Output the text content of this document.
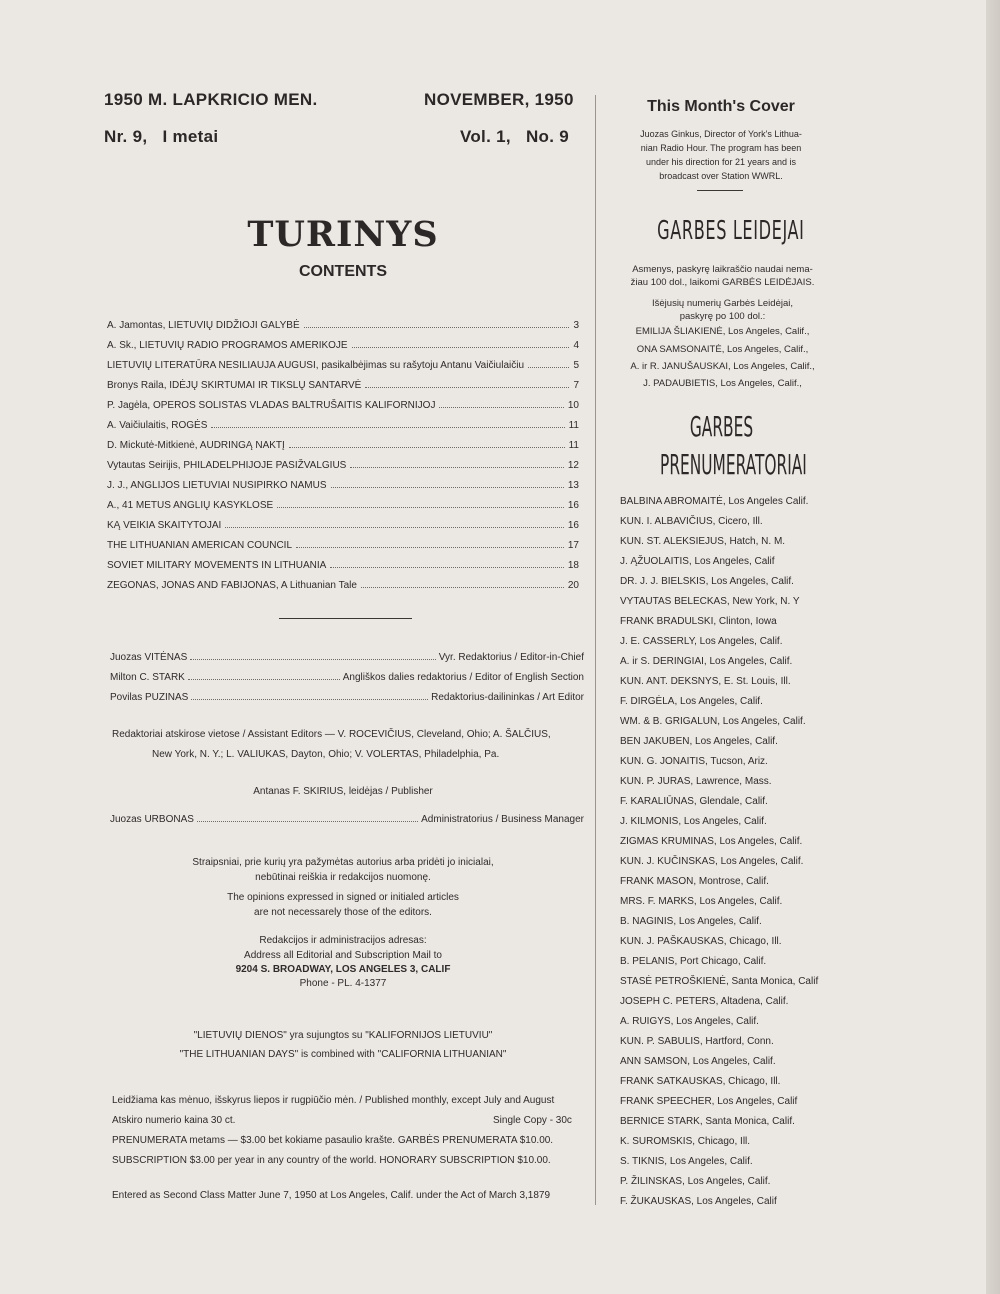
1950 M. LAPKRICIO MEN.	NOVEMBER, 1950
Nr. 9,   I metai	Vol. 1,   No. 9
TURINYS
CONTENTS
A. Jamontas, LIETUVIŲ DIDŽIOJI GALYBĖ	3
A. Sk., LIETUVIŲ RADIO PROGRAMOS AMERIKOJE	4
LIETUVIŲ LITERATŪRA NESILIAUJA AUGUSI, pasikalbėjimas su rašytoju Antanu Vaičiulaičiu	5
Bronys Raila, IDĖJŲ SKIRTUMAI IR TIKSLŲ SANTARVĖ	7
P. Jagėla, OPEROS SOLISTAS VLADAS BALTRUŠAITIS KALIFORNIJOJ	10
A. Vaičiulaitis, ROGĖS	11
D. Mickutė-Mitkienė, AUDRINGĄ NAKTĮ	11
Vytautas Seirijis, PHILADELPHIJOJE PASIŽVALGIUS	12
J. J., ANGLIJOS LIETUVIAI NUSIPIRKO NAMUS	13
A., 41 METUS ANGLIŲ KASYKLOSE	16
KĄ VEIKIA SKAITYTOJAI	16
THE LITHUANIAN AMERICAN COUNCIL	17
SOVIET MILITARY MOVEMENTS IN LITHUANIA	18
ZEGONAS, JONAS AND FABIJONAS, A Lithuanian Tale	20
Juozas VITĖNAS	Vyr. Redaktorius / Editor-in-Chief
Milton C. STARK	Angliškos dalies redaktorius / Editor of English Section
Povilas PUZINAS	Redaktorius-dailininkas / Art Editor
Redaktoriai atskirose vietose / Assistant Editors — V. ROCEVIČIUS, Cleveland, Ohio; A. ŠALČIUS,
New York, N. Y.; L. VALIUKAS, Dayton, Ohio; V. VOLERTAS, Philadelphia, Pa.
Antanas F. SKIRIUS, leidėjas / Publisher
Juozas URBONAS	Administratorius / Business Manager
Straipsniai, prie kurių yra pažymėtas autorius arba pridėti jo inicialai,
nebūtinai reiškia ir redakcijos nuomonę.
The opinions expressed in signed or initialed articles
are not necessarely those of the editors.
Redakcijos ir administracijos adresas:
Address all Editorial and Subscription Mail to
9204 S. BROADWAY, LOS ANGELES 3, CALIF
Phone - PL. 4-1377
"LIETUVIŲ DIENOS" yra sujungtos su "KALIFORNIJOS LIETUVIU"
"THE LITHUANIAN DAYS" is combined with "CALIFORNIA LITHUANIAN"
Leidžiama kas mėnuo, išskyrus liepos ir rugpiūčio mėn. / Published monthly, except July and August
Atskiro numerio kaina 30 ct.	Single Copy - 30c
PRENUMERATA metams — $3.00 bet kokiame pasaulio krašte. GARBĖS PRENUMERATA $10.00.
SUBSCRIPTION $3.00 per year in any country of the world. HONORARY SUBSCRIPTION $10.00.
Entered as Second Class Matter June 7, 1950 at Los Angeles, Calif. under the Act of March 3,1879
This Month's Cover
Juozas Ginkus, Director of York's Lithua-
nian Radio Hour. The program has been
under his direction for 21 years and is
broadcast over Station WWRL.
GARBES LEIDEJAI
Asmenys, paskyrę laikraščio naudai nema-
žiau 100 dol., laikomi GARBĖS LEIDĖJAIS.
Išėjusių numerių Garbės Leidėjai,
paskyrę po 100 dol.:
EMILIJA ŠLIAKIENĖ, Los Angeles, Calif.,
ONA SAMSONAITĖ, Los Angeles, Calif.,
A. ir R. JANUŠAUSKAI, Los Angeles, Calif.,
J. PADAUBIETIS, Los Angeles, Calif.,
GARBES
PRENUMERATORIAI
BALBINA ABROMAITĖ, Los Angeles Calif.
KUN. I. ALBAVIČIUS, Cicero, Ill.
KUN. ST. ALEKSIEJUS, Hatch, N. M.
J. ĄŽUOLAITIS, Los Angeles, Calif
DR. J. J. BIELSKIS, Los Angeles, Calif.
VYTAUTAS BELECKAS, New York, N. Y
FRANK BRADULSKI, Clinton, Iowa
J. E. CASSERLY, Los Angeles, Calif.
A. ir S. DERINGIAI, Los Angeles, Calif.
KUN. ANT. DEKSNYS, E. St. Louis, Ill.
F. DIRGĖLA, Los Angeles, Calif.
WM. & B. GRIGALUN, Los Angeles, Calif.
BEN JAKUBEN, Los Angeles, Calif.
KUN. G. JONAITIS, Tucson, Ariz.
KUN. P. JURAS, Lawrence, Mass.
F. KARALIŪNAS, Glendale, Calif.
J. KILMONIS, Los Angeles, Calif.
ZIGMAS KRUMINAS, Los Angeles, Calif.
KUN. J. KUČINSKAS, Los Angeles, Calif.
FRANK MASON, Montrose, Calif.
MRS. F. MARKS, Los Angeles, Calif.
B. NAGINIS, Los Angeles, Calif.
KUN. J. PAŠKAUSKAS, Chicago, Ill.
B. PELANIS, Port Chicago, Calif.
STASĖ PETROŠKIENĖ, Santa Monica, Calif
JOSEPH C. PETERS, Altadena, Calif.
A. RUIGYS, Los Angeles, Calif.
KUN. P. SABULIS, Hartford, Conn.
ANN SAMSON, Los Angeles, Calif.
FRANK SATKAUSKAS, Chicago, Ill.
FRANK SPEECHER, Los Angeles, Calif
BERNICE STARK, Santa Monica, Calif.
K. SUROMSKIS, Chicago, Ill.
S. TIKNIS, Los Angeles, Calif.
P. ŽILINSKAS, Los Angeles, Calif.
F. ŽUKAUSKAS, Los Angeles, Calif
